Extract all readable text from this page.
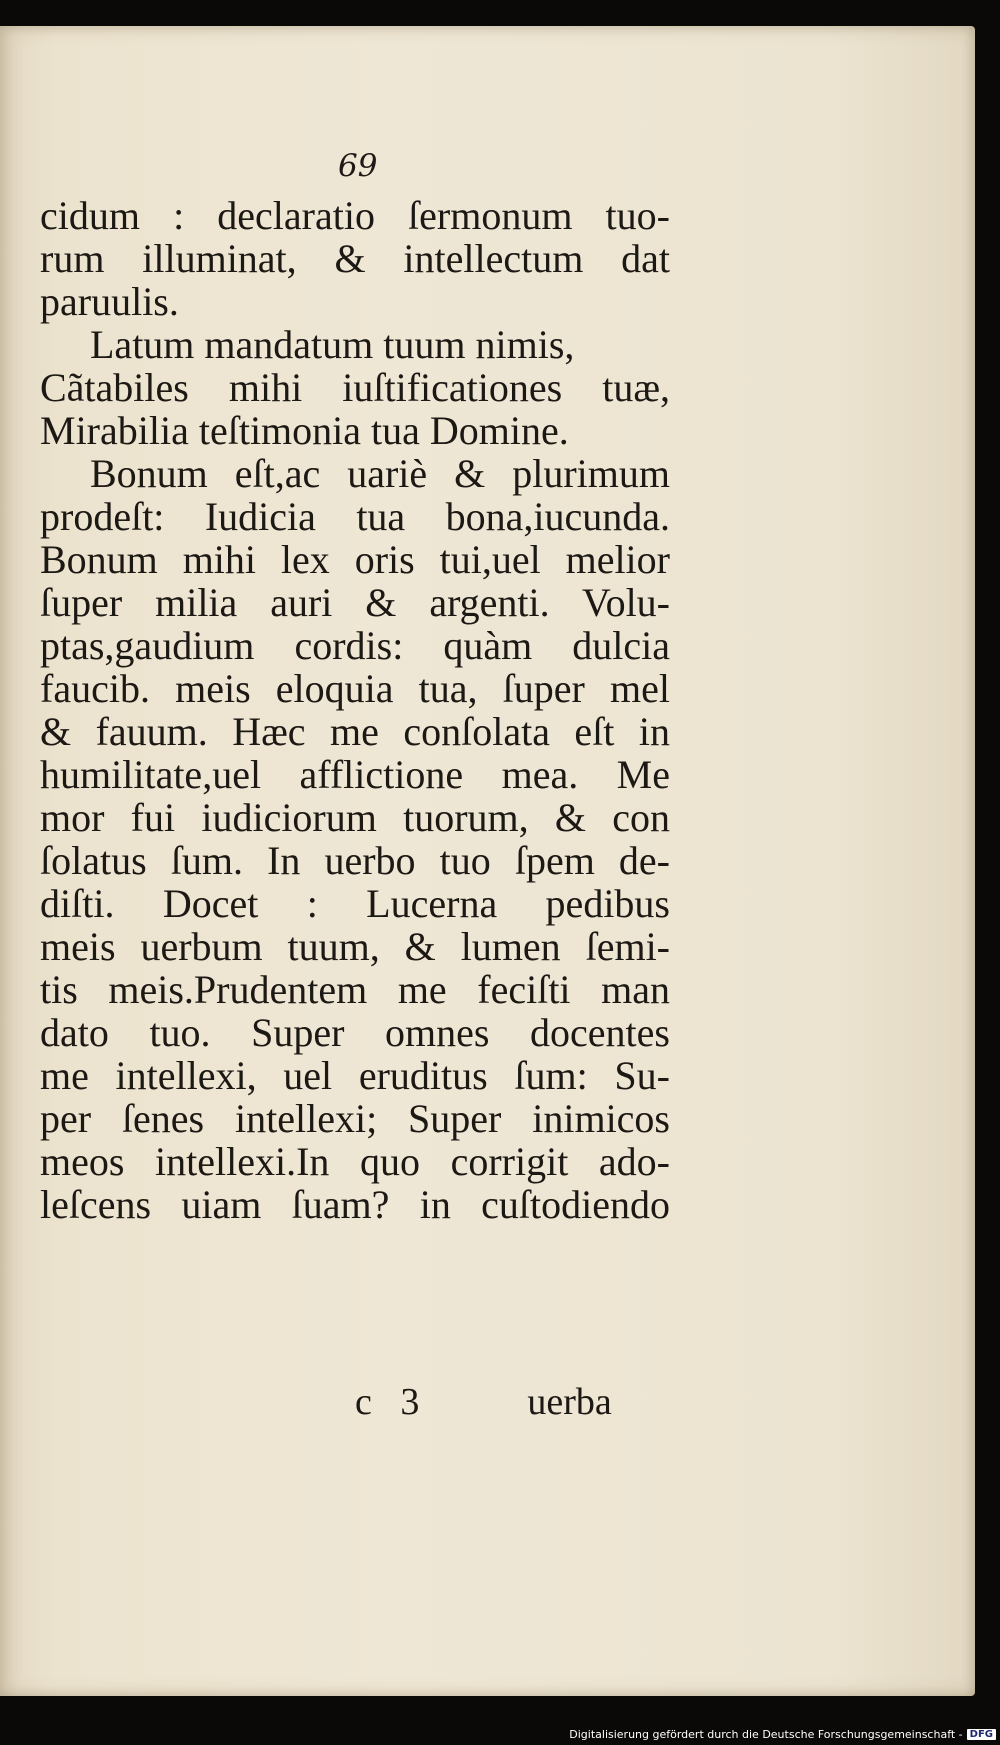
69

cidum : declaratio ſermonum tuo-
rum illuminat, & intellectum dat
paruulis.
Latum mandatum tuum nimis,
Cãtabiles mihi iuſtificationes tuæ,
Mirabilia teſtimonia tua Domine.
Bonum eſt,ac uariè & plurimum
prodeſt: Iudicia tua bona,iucunda.
Bonum mihi lex oris tui,uel melior
ſuper milia auri & argenti. Volu-
ptas,gaudium cordis: quàm dulcia
faucib. meis eloquia tua, ſuper mel
& fauum. Hæc me conſolata eſt in
humilitate,uel afflictione mea. Me
mor fui iudiciorum tuorum, & con
ſolatus ſum. In uerbo tuo ſpem de-
diſti. Docet : Lucerna pedibus
meis uerbum tuum, & lumen ſemi-
tis meis.Prudentem me feciſti man
dato tuo. Super omnes docentes
me intellexi, uel eruditus ſum: Su-
per ſenes intellexi; Super inimicos
meos intellexi.In quo corrigit ado-
leſcens uiam ſuam? in cuſtodiendo

c   3	uerba

Digitalisierung gefördert durch die Deutsche Forschungsgemeinschaft - DFG
